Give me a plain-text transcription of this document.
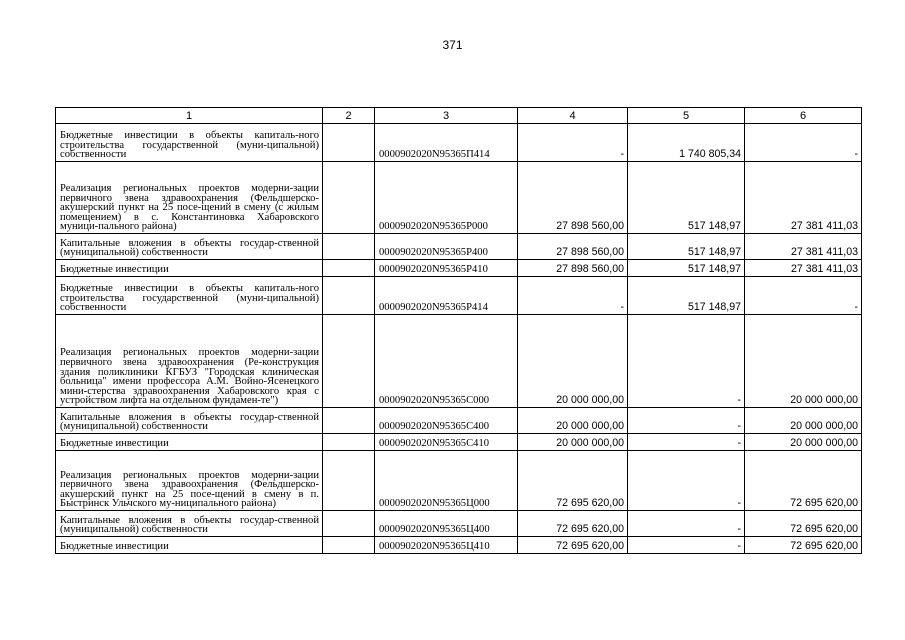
371
1	2	3	4	5	6
Бюджетные инвестиции в объекты капиталь-ного строительства государственной (муни-ципальной) собственности		0000902020N95365П414	-	1 740 805,34	-
Реализация региональных проектов модерни-зации первичного звена здравоохранения (Фельдшерско-акушерский пункт на 25 посе-щений в смену (с жилым помещением) в с. Константиновка Хабаровского муници-пального района)		0000902020N95365Р000	27 898 560,00	517 148,97	27 381 411,03
Капитальные вложения в объекты государ-ственной (муниципальной) собственности		0000902020N95365Р400	27 898 560,00	517 148,97	27 381 411,03
Бюджетные инвестиции		0000902020N95365Р410	27 898 560,00	517 148,97	27 381 411,03
Бюджетные инвестиции в объекты капиталь-ного строительства государственной (муни-ципальной) собственности		0000902020N95365Р414	-	517 148,97	-
Реализация региональных проектов модерни-зации первичного звена здравоохранения (Ре-конструкция здания поликлиники КГБУЗ "Городская клиническая больница" имени профессора А.М. Войно-Ясенецкого мини-стерства здравоохранения Хабаровского края с устройством лифта на отдельном фундамен-те")		0000902020N95365С000	20 000 000,00	-	20 000 000,00
Капитальные вложения в объекты государ-ственной (муниципальной) собственности		0000902020N95365С400	20 000 000,00	-	20 000 000,00
Бюджетные инвестиции		0000902020N95365С410	20 000 000,00	-	20 000 000,00
Реализация региональных проектов модерни-зации первичного звена здравоохранения (Фельдшерско-акушерский пункт на 25 посе-щений в смену в п. Быстринск Ульчского му-ниципального района)		0000902020N95365Ц000	72 695 620,00	-	72 695 620,00
Капитальные вложения в объекты государ-ственной (муниципальной) собственности		0000902020N95365Ц400	72 695 620,00	-	72 695 620,00
Бюджетные инвестиции		0000902020N95365Ц410	72 695 620,00	-	72 695 620,00
